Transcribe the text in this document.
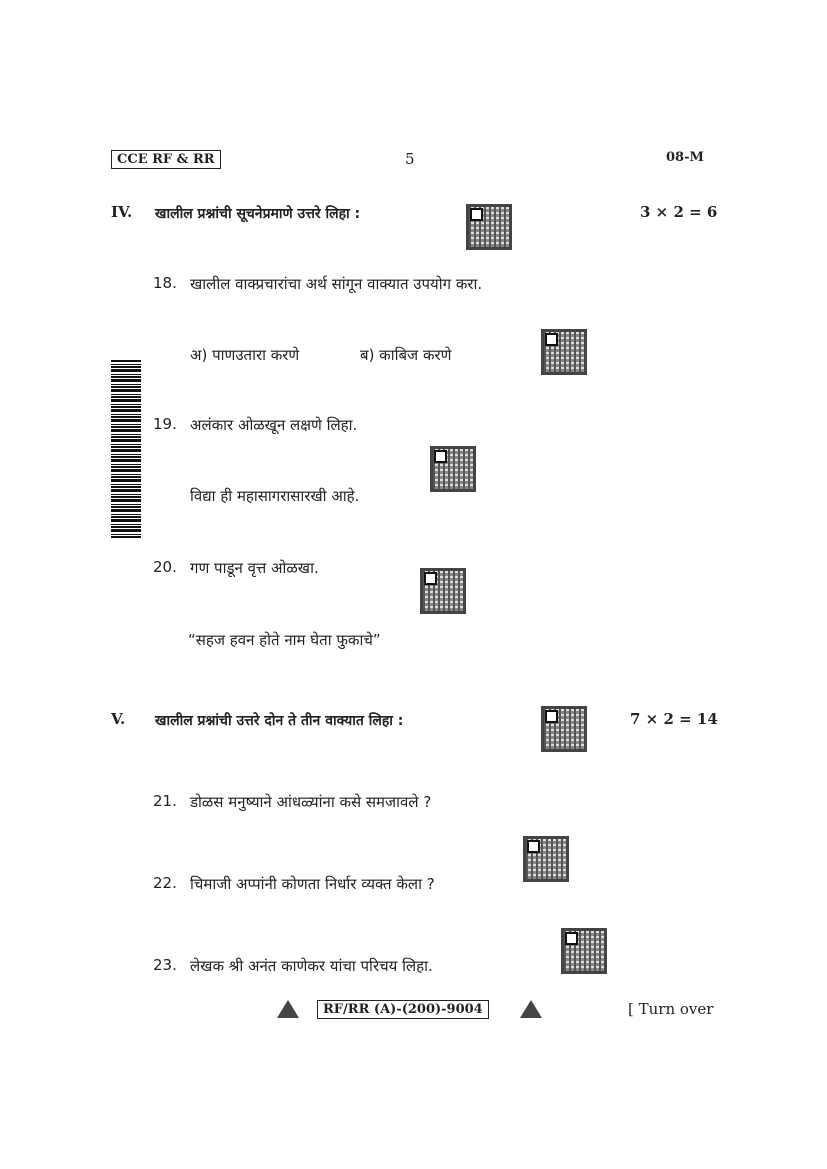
CCE RF & RR	5	08-M
IV. खालील प्रश्नांची सूचनेप्रमाणे उत्तरे लिहा :	3 × 2 = 6
18. खालील वाक्प्रचारांचा अर्थ सांगून वाक्यात उपयोग करा.
अ) पाणउतारा करणे	ब) काबिज करणे
19. अलंकार ओळखून लक्षणे लिहा.
विद्या ही महासागरासारखी आहे.
20. गण पाडून वृत्त ओळखा.
“सहज हवन होते नाम घेता फुकाचे”
V. खालील प्रश्नांची उत्तरे दोन ते तीन वाक्यात लिहा :	7 × 2 = 14
21. डोळस मनुष्याने आंधळ्यांना कसे समजावले ?
22. चिमाजी अप्पांनी कोणता निर्धार व्यक्त केला ?
23. लेखक श्री अनंत काणेकर यांचा परिचय लिहा.
RF/RR (A)-(200)-9004	[ Turn over
